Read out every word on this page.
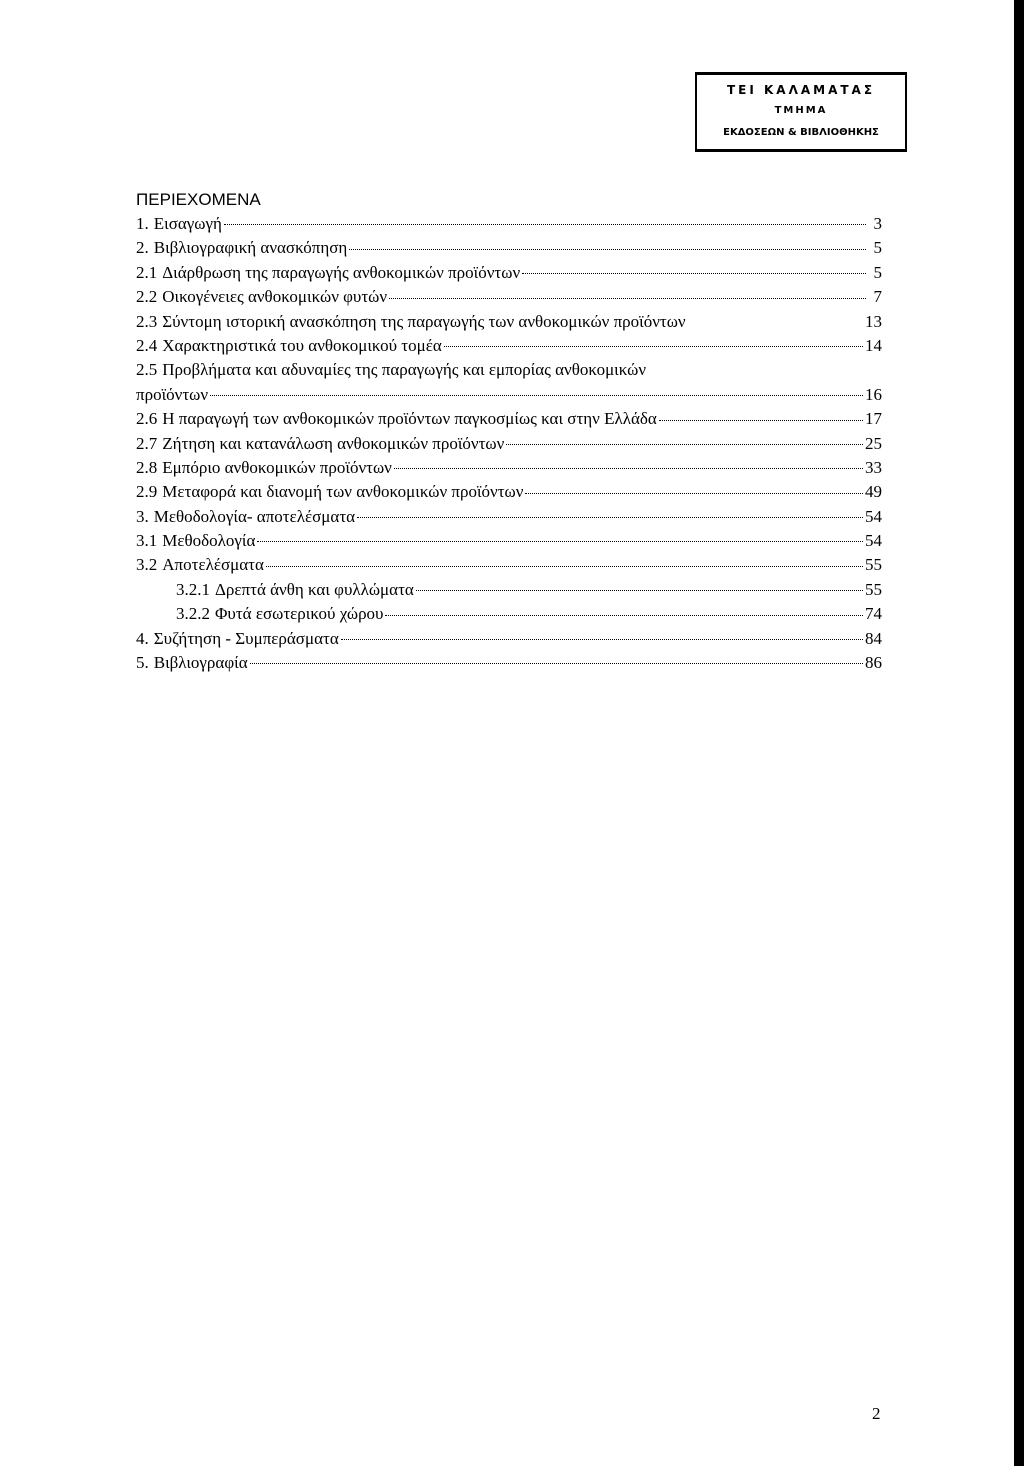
ΤΕΙ ΚΑΛΑΜΑΤΑΣ
ΤΜΗΜΑ
ΕΚΔΟΣΕΩΝ & ΒΙΒΛΙΟΘΗΚΗΣ
ΠΕΡΙΕΧΟΜΕΝΑ
1. Εισαγωγή	3
2. Βιβλιογραφική ανασκόπηση	5
2.1 Διάρθρωση της παραγωγής ανθοκομικών προϊόντων	5
2.2 Οικογένειες ανθοκομικών φυτών	7
2.3 Σύντομη ιστορική ανασκόπηση της παραγωγής των ανθοκομικών προϊόντων	13
2.4 Χαρακτηριστικά του ανθοκομικού τομέα	14
2.5 Προβλήματα και αδυναμίες της παραγωγής και εμπορίας ανθοκομικών
προϊόντων	16
2.6 Η παραγωγή των ανθοκομικών προϊόντων παγκοσμίως και στην Ελλάδα	17
2.7 Ζήτηση και κατανάλωση ανθοκομικών προϊόντων	25
2.8 Εμπόριο ανθοκομικών προϊόντων	33
2.9 Μεταφορά και διανομή των ανθοκομικών προϊόντων	49
3. Μεθοδολογία- αποτελέσματα	54
3.1 Μεθοδολογία	54
3.2 Αποτελέσματα	55
3.2.1 Δρεπτά άνθη και φυλλώματα	55
3.2.2 Φυτά εσωτερικού χώρου	74
4. Συζήτηση - Συμπεράσματα	84
5. Βιβλιογραφία	86
2
